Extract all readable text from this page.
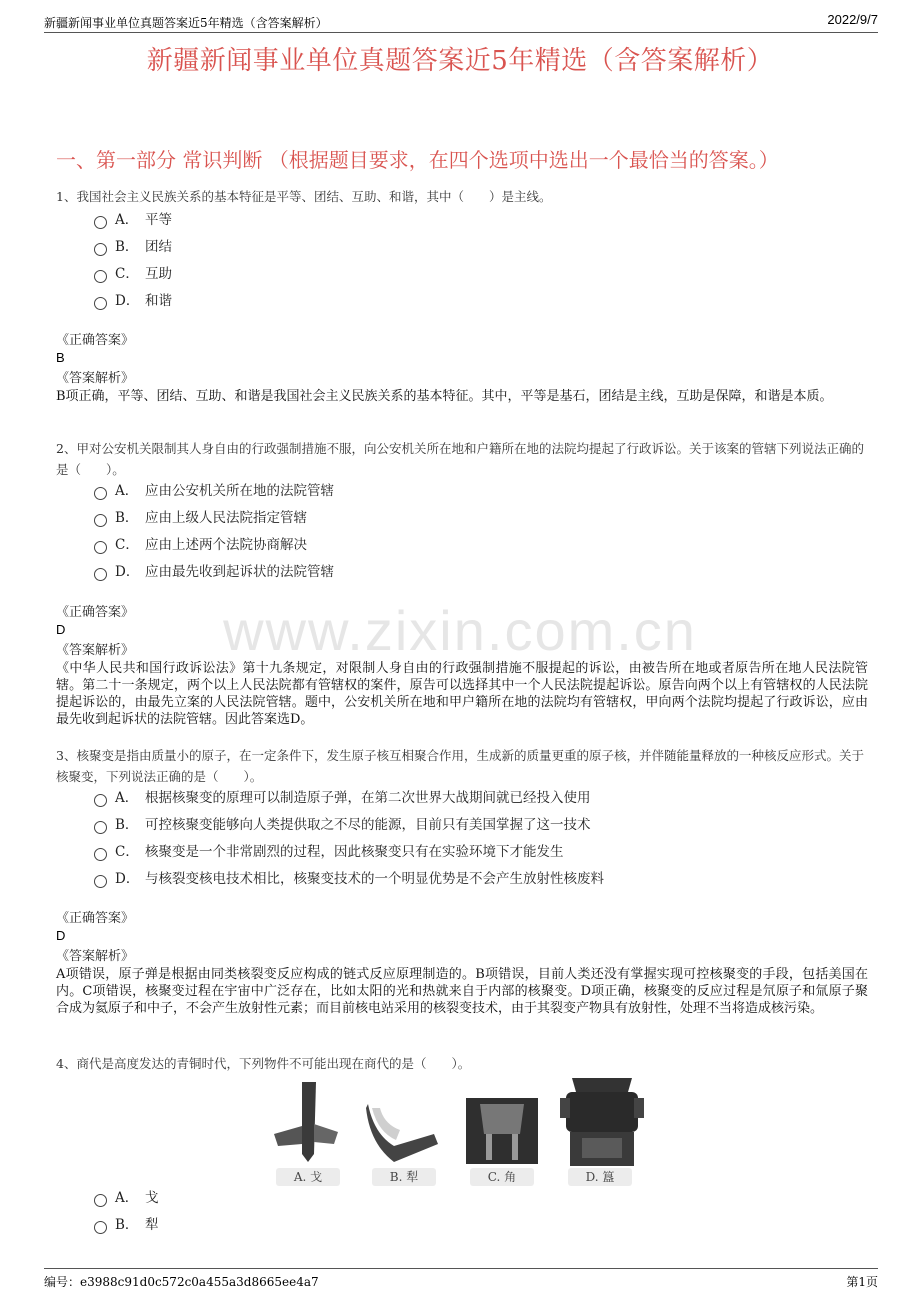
新疆新闻事业单位真题答案近5年精选（含答案解析）	2022/9/7
新疆新闻事业单位真题答案近5年精选（含答案解析）
一、第一部分 常识判断 （根据题目要求，在四个选项中选出一个最恰当的答案。）
www.zixin.com.cn
1、我国社会主义民族关系的基本特征是平等、团结、互助、和谐，其中（　　）是主线。
A． 平等
B． 团结
C． 互助
D． 和谐
《正确答案》
B
《答案解析》
B项正确，平等、团结、互助、和谐是我国社会主义民族关系的基本特征。其中，平等是基石，团结是主线，互助是保障，和谐是本质。
2、甲对公安机关限制其人身自由的行政强制措施不服，向公安机关所在地和户籍所在地的法院均提起了行政诉讼。关于该案的管辖下列说法正确的是（　　）。
A． 应由公安机关所在地的法院管辖
B． 应由上级人民法院指定管辖
C． 应由上述两个法院协商解决
D． 应由最先收到起诉状的法院管辖
《正确答案》
D
《答案解析》
《中华人民共和国行政诉讼法》第十九条规定，对限制人身自由的行政强制措施不服提起的诉讼，由被告所在地或者原告所在地人民法院管辖。第二十一条规定，两个以上人民法院都有管辖权的案件，原告可以选择其中一个人民法院提起诉讼。原告向两个以上有管辖权的人民法院提起诉讼的，由最先立案的人民法院管辖。题中，公安机关所在地和甲户籍所在地的法院均有管辖权，甲向两个法院均提起了行政诉讼，应由最先收到起诉状的法院管辖。因此答案选D。
3、核聚变是指由质量小的原子，在一定条件下，发生原子核互相聚合作用，生成新的质量更重的原子核，并伴随能量释放的一种核反应形式。关于核聚变，下列说法正确的是（　　）。
A． 根据核聚变的原理可以制造原子弹，在第二次世界大战期间就已经投入使用
B． 可控核聚变能够向人类提供取之不尽的能源，目前只有美国掌握了这一技术
C． 核聚变是一个非常剧烈的过程，因此核聚变只有在实验环境下才能发生
D． 与核裂变核电技术相比，核聚变技术的一个明显优势是不会产生放射性核废料
《正确答案》
D
《答案解析》
A项错误，原子弹是根据由同类核裂变反应构成的链式反应原理制造的。B项错误，目前人类还没有掌握实现可控核聚变的手段，包括美国在内。C项错误，核聚变过程在宇宙中广泛存在，比如太阳的光和热就来自于内部的核聚变。D项正确，核聚变的反应过程是氘原子和氚原子聚合成为氦原子和中子，不会产生放射性元素；而目前核电站采用的核裂变技术，由于其裂变产物具有放射性，处理不当将造成核污染。
4、商代是高度发达的青铜时代，下列物件不可能出现在商代的是（　　）。
A. 戈	B. 犁	C. 角	D. 簋
A． 戈
B． 犁
编号：e3988c91d0c572c0a455a3d8665ee4a7	第1页
